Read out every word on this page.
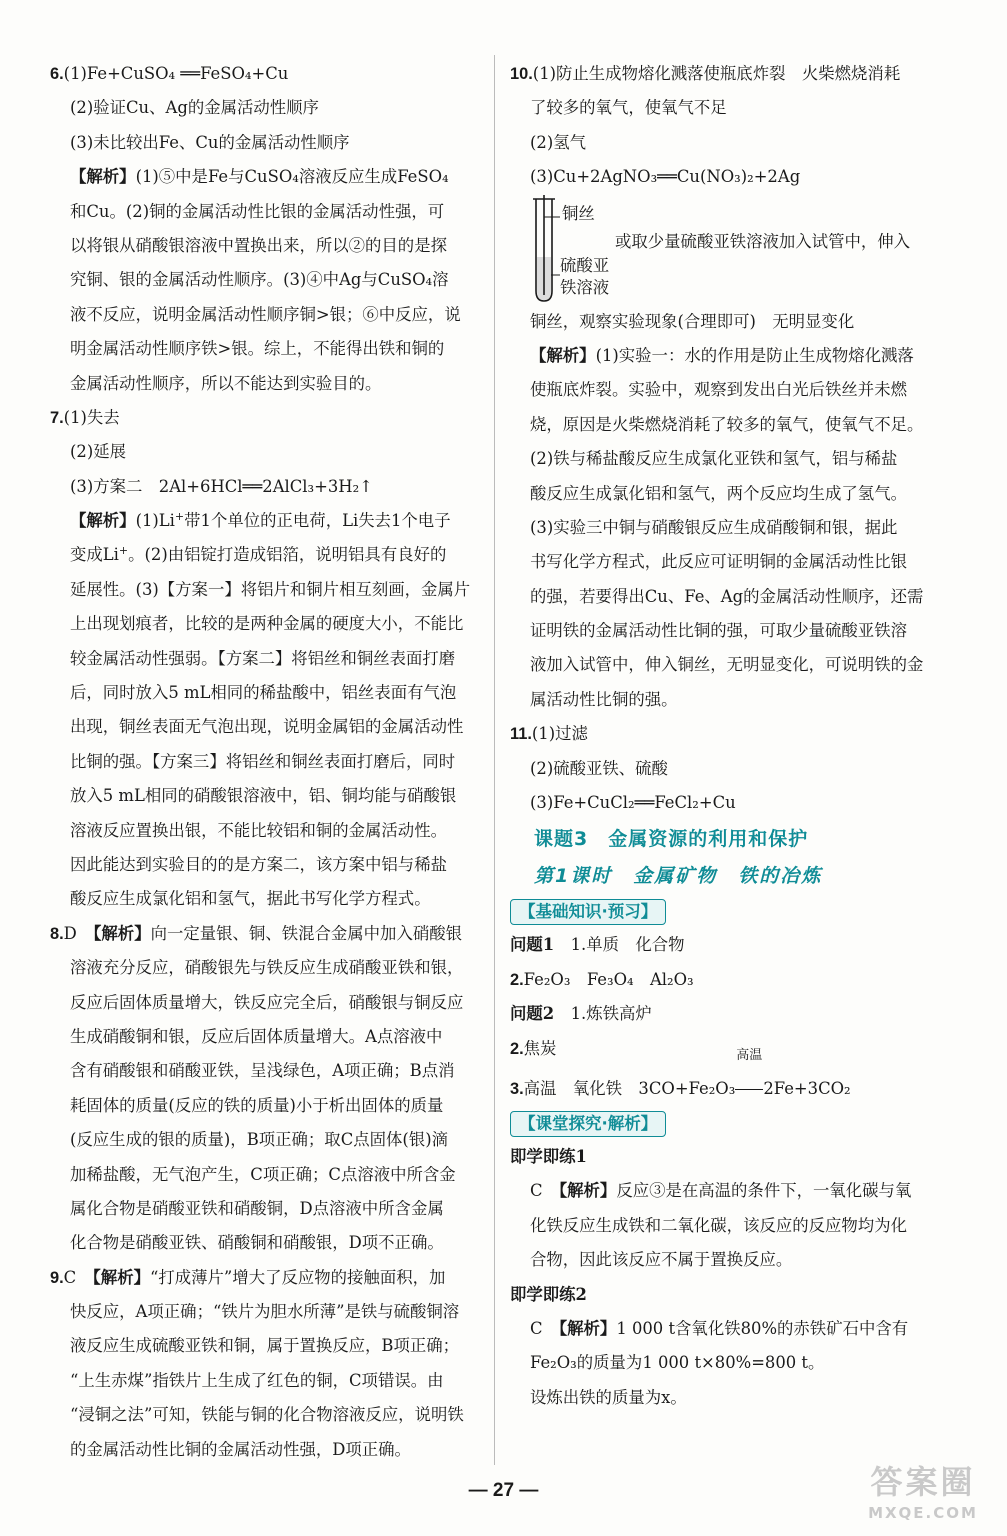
6.(1)Fe+CuSO₄ ══FeSO₄+Cu
(2)验证Cu、Ag的金属活动性顺序
(3)未比较出Fe、Cu的金属活动性顺序
【解析】(1)⑤中是Fe与CuSO₄溶液反应生成FeSO₄
和Cu。(2)铜的金属活动性比银的金属活动性强，可
以将银从硝酸银溶液中置换出来，所以②的目的是探
究铜、银的金属活动性顺序。(3)④中Ag与CuSO₄溶
液不反应，说明金属活动性顺序铜>银；⑥中反应，说
明金属活动性顺序铁>银。综上，不能得出铁和铜的
金属活动性顺序，所以不能达到实验目的。
7.(1)失去
(2)延展
(3)方案二　2Al+6HCl══2AlCl₃+3H₂↑
【解析】(1)Li+带1个单位的正电荷，Li失去1个电子
变成Li+。(2)由铝锭打造成铝箔，说明铝具有良好的
延展性。(3)【方案一】将铝片和铜片相互刻画，金属片
上出现划痕者，比较的是两种金属的硬度大小，不能比
较金属活动性强弱。【方案二】将铝丝和铜丝表面打磨
后，同时放入5 mL相同的稀盐酸中，铝丝表面有气泡
出现，铜丝表面无气泡出现，说明金属铝的金属活动性
比铜的强。【方案三】将铝丝和铜丝表面打磨后，同时
放入5 mL相同的硝酸银溶液中，铝、铜均能与硝酸银
溶液反应置换出银，不能比较铝和铜的金属活动性。
因此能达到实验目的的是方案二，该方案中铝与稀盐
酸反应生成氯化铝和氢气，据此书写化学方程式。
8.D　【解析】向一定量银、铜、铁混合金属中加入硝酸银
溶液充分反应，硝酸银先与铁反应生成硝酸亚铁和银，
反应后固体质量增大，铁反应完全后，硝酸银与铜反应
生成硝酸铜和银，反应后固体质量增大。A点溶液中
含有硝酸银和硝酸亚铁，呈浅绿色，A项正确；B点消
耗固体的质量(反应的铁的质量)小于析出固体的质量
(反应生成的银的质量)，B项正确；取C点固体(银)滴
加稀盐酸，无气泡产生，C项正确；C点溶液中所含金
属化合物是硝酸亚铁和硝酸铜，D点溶液中所含金属
化合物是硝酸亚铁、硝酸铜和硝酸银，D项不正确。
9.C　【解析】“打成薄片”增大了反应物的接触面积，加
快反应，A项正确；“铁片为胆水所薄”是铁与硫酸铜溶
液反应生成硫酸亚铁和铜，属于置换反应，B项正确；
“上生赤煤”指铁片上生成了红色的铜，C项错误。由
“浸铜之法”可知，铁能与铜的化合物溶液反应，说明铁
的金属活动性比铜的金属活动性强，D项正确。
10.(1)防止生成物熔化溅落使瓶底炸裂　火柴燃烧消耗
了较多的氧气，使氧气不足
(2)氢气
(3)Cu+2AgNO₃══Cu(NO₃)₂+2Ag
铜丝
硫酸亚
铁溶液
或取少量硫酸亚铁溶液加入试管中，伸入
铜丝，观察实验现象(合理即可)　无明显变化
【解析】(1)实验一：水的作用是防止生成物熔化溅落
使瓶底炸裂。实验中，观察到发出白光后铁丝并未燃
烧，原因是火柴燃烧消耗了较多的氧气，使氧气不足。
(2)铁与稀盐酸反应生成氯化亚铁和氢气，铝与稀盐
酸反应生成氯化铝和氢气，两个反应均生成了氢气。
(3)实验三中铜与硝酸银反应生成硝酸铜和银，据此
书写化学方程式，此反应可证明铜的金属活动性比银
的强，若要得出Cu、Fe、Ag的金属活动性顺序，还需
证明铁的金属活动性比铜的强，可取少量硫酸亚铁溶
液加入试管中，伸入铜丝，无明显变化，可说明铁的金
属活动性比铜的强。
11.(1)过滤
(2)硫酸亚铁、硫酸
(3)Fe+CuCl₂══FeCl₂+Cu
课题3　金属资源的利用和保护
第1课时　金属矿物　铁的冶炼
【基础知识·预习】
问题1　 1.单质　化合物
2.Fe₂O₃　Fe₃O₄　Al₂O₃
问题2　 1.炼铁高炉
2.焦炭
3.高温　氧化铁　3CO+Fe₂O₃
高温
2Fe+3CO₂
【课堂探究·解析】
即学即练1
C　【解析】反应③是在高温的条件下，一氧化碳与氧
化铁反应生成铁和二氧化碳，该反应的反应物均为化
合物，因此该反应不属于置换反应。
即学即练2
C　【解析】1 000 t含氧化铁80%的赤铁矿石中含有
Fe₂O₃的质量为1 000 t×80%=800 t。
设炼出铁的质量为x。
— 27 —	答案圈
MXQE.COM
